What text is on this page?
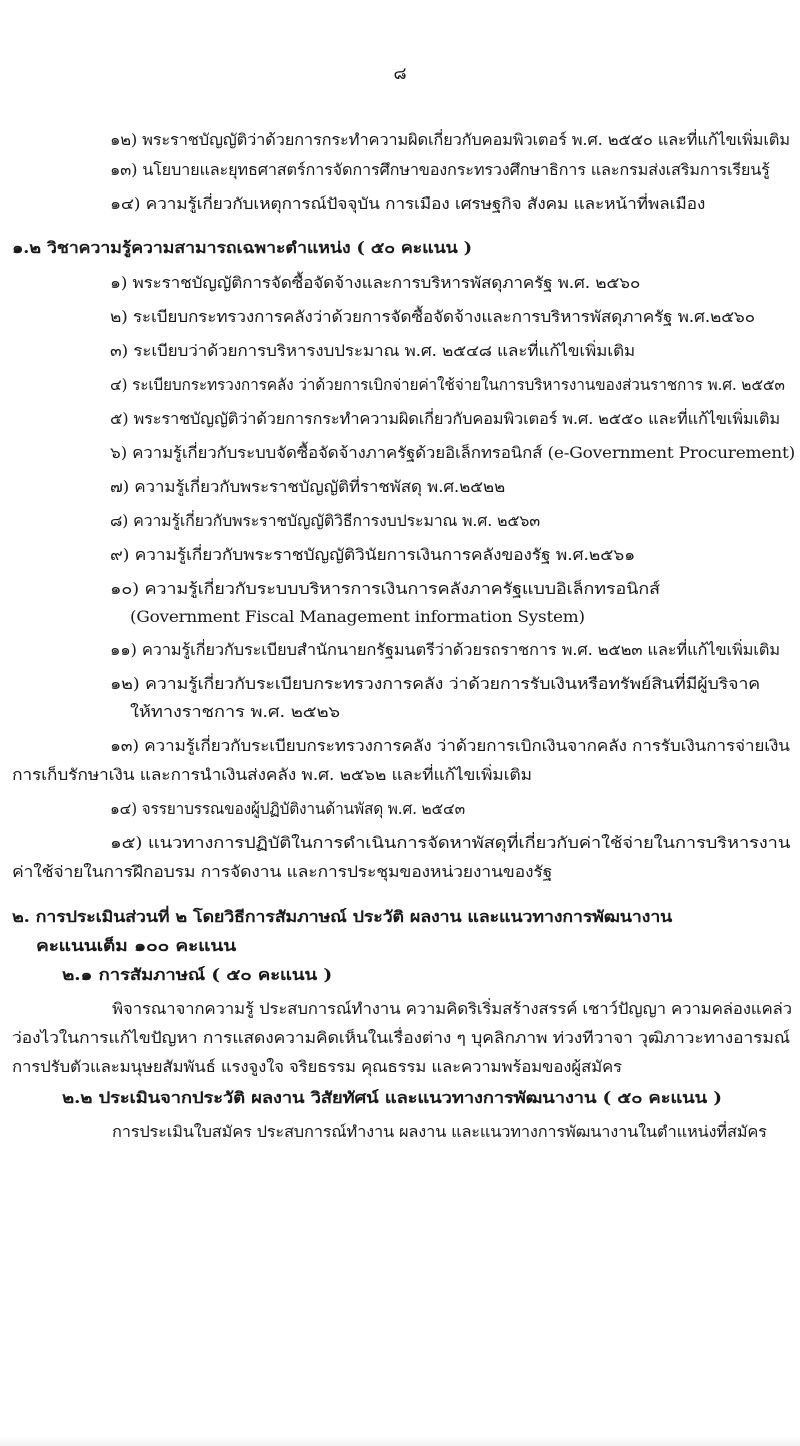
๘
๑๒) พระราชบัญญัติว่าด้วยการกระทำความผิดเกี่ยวกับคอมพิวเตอร์ พ.ศ. ๒๕๕๐ และที่แก้ไขเพิ่มเติม
๑๓) นโยบายและยุทธศาสตร์การจัดการศึกษาของกระทรวงศึกษาธิการ และกรมส่งเสริมการเรียนรู้
๑๔) ความรู้เกี่ยวกับเหตุการณ์ปัจจุบัน การเมือง เศรษฐกิจ สังคม และหน้าที่พลเมือง
๑.๒ วิชาความรู้ความสามารถเฉพาะตำแหน่ง ( ๕๐ คะแนน )
๑) พระราชบัญญัติการจัดซื้อจัดจ้างและการบริหารพัสดุภาครัฐ พ.ศ. ๒๕๖๐
๒) ระเบียบกระทรวงการคลังว่าด้วยการจัดซื้อจัดจ้างและการบริหารพัสดุภาครัฐ พ.ศ.๒๕๖๐
๓) ระเบียบว่าด้วยการบริหารงบประมาณ พ.ศ. ๒๕๔๘ และที่แก้ไขเพิ่มเติม
๔) ระเบียบกระทรวงการคลัง ว่าด้วยการเบิกจ่ายค่าใช้จ่ายในการบริหารงานของส่วนราชการ พ.ศ. ๒๕๕๓
๕) พระราชบัญญัติว่าด้วยการกระทำความผิดเกี่ยวกับคอมพิวเตอร์ พ.ศ. ๒๕๕๐ และที่แก้ไขเพิ่มเติม
๖) ความรู้เกี่ยวกับระบบจัดซื้อจัดจ้างภาครัฐด้วยอิเล็กทรอนิกส์ (e-Government Procurement)
๗) ความรู้เกี่ยวกับพระราชบัญญัติที่ราชพัสดุ พ.ศ.๒๕๒๒
๘) ความรู้เกี่ยวกับพระราชบัญญัติวิธีการงบประมาณ พ.ศ. ๒๕๖๓
๙) ความรู้เกี่ยวกับพระราชบัญญัติวินัยการเงินการคลังของรัฐ พ.ศ.๒๕๖๑
๑๐) ความรู้เกี่ยวกับระบบบริหารการเงินการคลังภาครัฐแบบอิเล็กทรอนิกส์
(Government Fiscal Management information System)
๑๑) ความรู้เกี่ยวกับระเบียบสำนักนายกรัฐมนตรีว่าด้วยรถราชการ พ.ศ. ๒๕๒๓ และที่แก้ไขเพิ่มเติม
๑๒) ความรู้เกี่ยวกับระเบียบกระทรวงการคลัง ว่าด้วยการรับเงินหรือทรัพย์สินที่มีผู้บริจาค
ให้ทางราชการ พ.ศ. ๒๕๒๖
๑๓) ความรู้เกี่ยวกับระเบียบกระทรวงการคลัง ว่าด้วยการเบิกเงินจากคลัง การรับเงินการจ่ายเงิน
การเก็บรักษาเงิน และการนำเงินส่งคลัง พ.ศ. ๒๕๖๒ และที่แก้ไขเพิ่มเติม
๑๔) จรรยาบรรณของผู้ปฏิบัติงานด้านพัสดุ พ.ศ. ๒๕๔๓
๑๕) แนวทางการปฏิบัติในการดำเนินการจัดหาพัสดุที่เกี่ยวกับค่าใช้จ่ายในการบริหารงาน
ค่าใช้จ่ายในการฝึกอบรม การจัดงาน และการประชุมของหน่วยงานของรัฐ
๒. การประเมินส่วนที่ ๒ โดยวิธีการสัมภาษณ์ ประวัติ ผลงาน และแนวทางการพัฒนางาน
คะแนนเต็ม ๑๐๐ คะแนน
๒.๑ การสัมภาษณ์ ( ๕๐ คะแนน )
พิจารณาจากความรู้ ประสบการณ์ทำงาน ความคิดริเริ่มสร้างสรรค์ เชาว์ปัญญา ความคล่องแคล่ว
ว่องไวในการแก้ไขปัญหา การแสดงความคิดเห็นในเรื่องต่าง ๆ บุคลิกภาพ ท่วงทีวาจา วุฒิภาวะทางอารมณ์
การปรับตัวและมนุษยสัมพันธ์ แรงจูงใจ จริยธรรม คุณธรรม และความพร้อมของผู้สมัคร
๒.๒ ประเมินจากประวัติ ผลงาน วิสัยทัศน์ และแนวทางการพัฒนางาน ( ๕๐ คะแนน )
การประเมินใบสมัคร ประสบการณ์ทำงาน ผลงาน และแนวทางการพัฒนางานในตำแหน่งที่สมัคร
